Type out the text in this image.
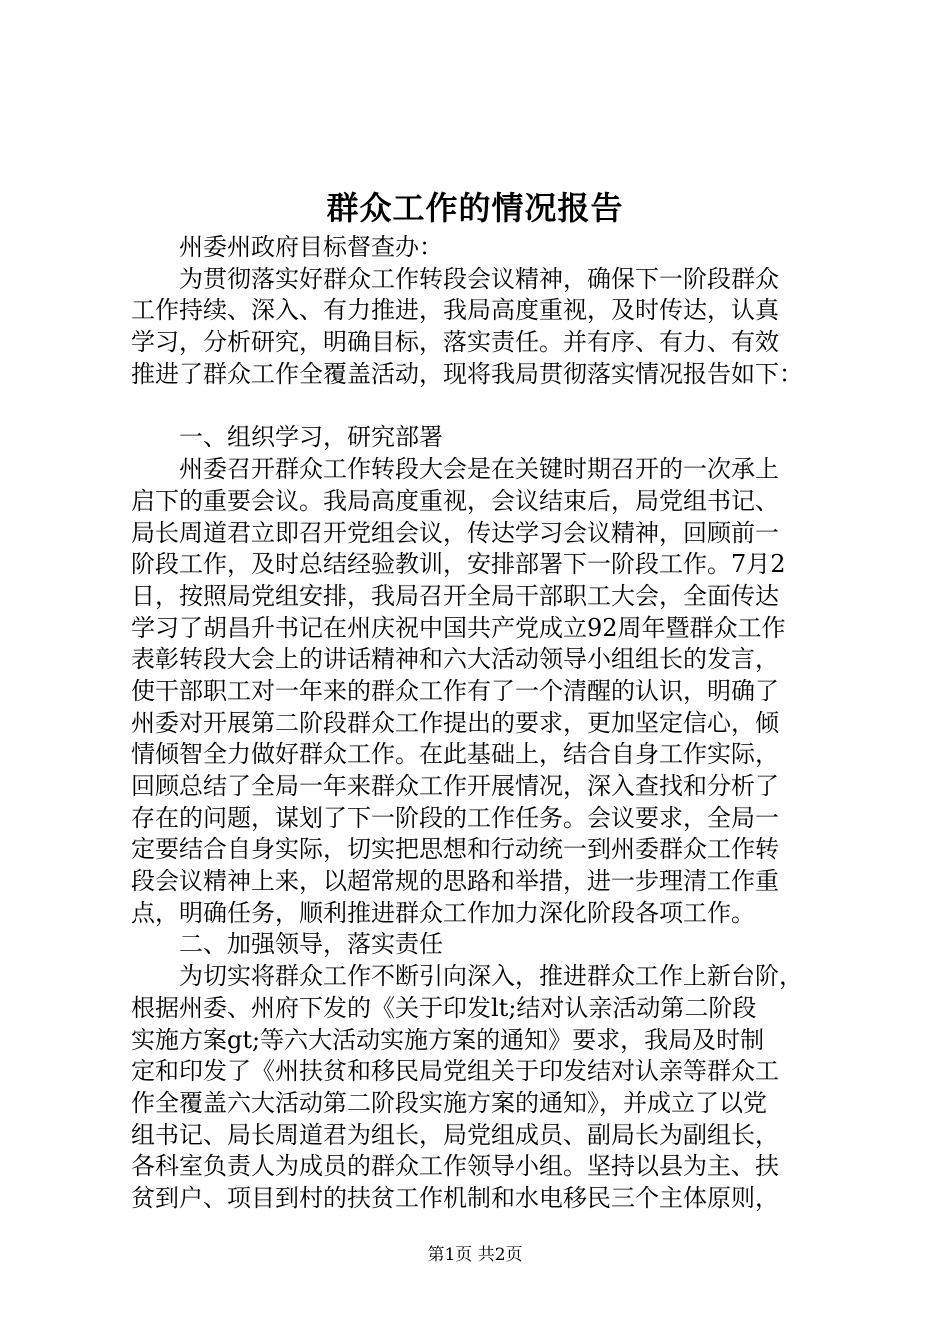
群众工作的情况报告
　　州委州政府目标督查办：
　　为贯彻落实好群众工作转段会议精神，确保下一阶段群众
工作持续、深入、有力推进，我局高度重视，及时传达，认真
学习，分析研究，明确目标，落实责任。并有序、有力、有效
推进了群众工作全覆盖活动，现将我局贯彻落实情况报告如下：
　　一、组织学习，研究部署
　　州委召开群众工作转段大会是在关键时期召开的一次承上
启下的重要会议。我局高度重视，会议结束后，局党组书记、
局长周道君立即召开党组会议，传达学习会议精神，回顾前一
阶段工作，及时总结经验教训，安排部署下一阶段工作。7月2
日，按照局党组安排，我局召开全局干部职工大会，全面传达
学习了胡昌升书记在州庆祝中国共产党成立92周年暨群众工作
表彰转段大会上的讲话精神和六大活动领导小组组长的发言，
使干部职工对一年来的群众工作有了一个清醒的认识，明确了
州委对开展第二阶段群众工作提出的要求，更加坚定信心，倾
情倾智全力做好群众工作。在此基础上，结合自身工作实际，
回顾总结了全局一年来群众工作开展情况，深入查找和分析了
存在的问题，谋划了下一阶段的工作任务。会议要求，全局一
定要结合自身实际，切实把思想和行动统一到州委群众工作转
段会议精神上来，以超常规的思路和举措，进一步理清工作重
点，明确任务，顺利推进群众工作加力深化阶段各项工作。
　　二、加强领导，落实责任
　　为切实将群众工作不断引向深入，推进群众工作上新台阶，
根据州委、州府下发的《关于印发lt;结对认亲活动第二阶段
实施方案gt;等六大活动实施方案的通知》要求，我局及时制
定和印发了《州扶贫和移民局党组关于印发结对认亲等群众工
作全覆盖六大活动第二阶段实施方案的通知》，并成立了以党
组书记、局长周道君为组长，局党组成员、副局长为副组长，
各科室负责人为成员的群众工作领导小组。坚持以县为主、扶
贫到户、项目到村的扶贫工作机制和水电移民三个主体原则，
第1页 共2页
